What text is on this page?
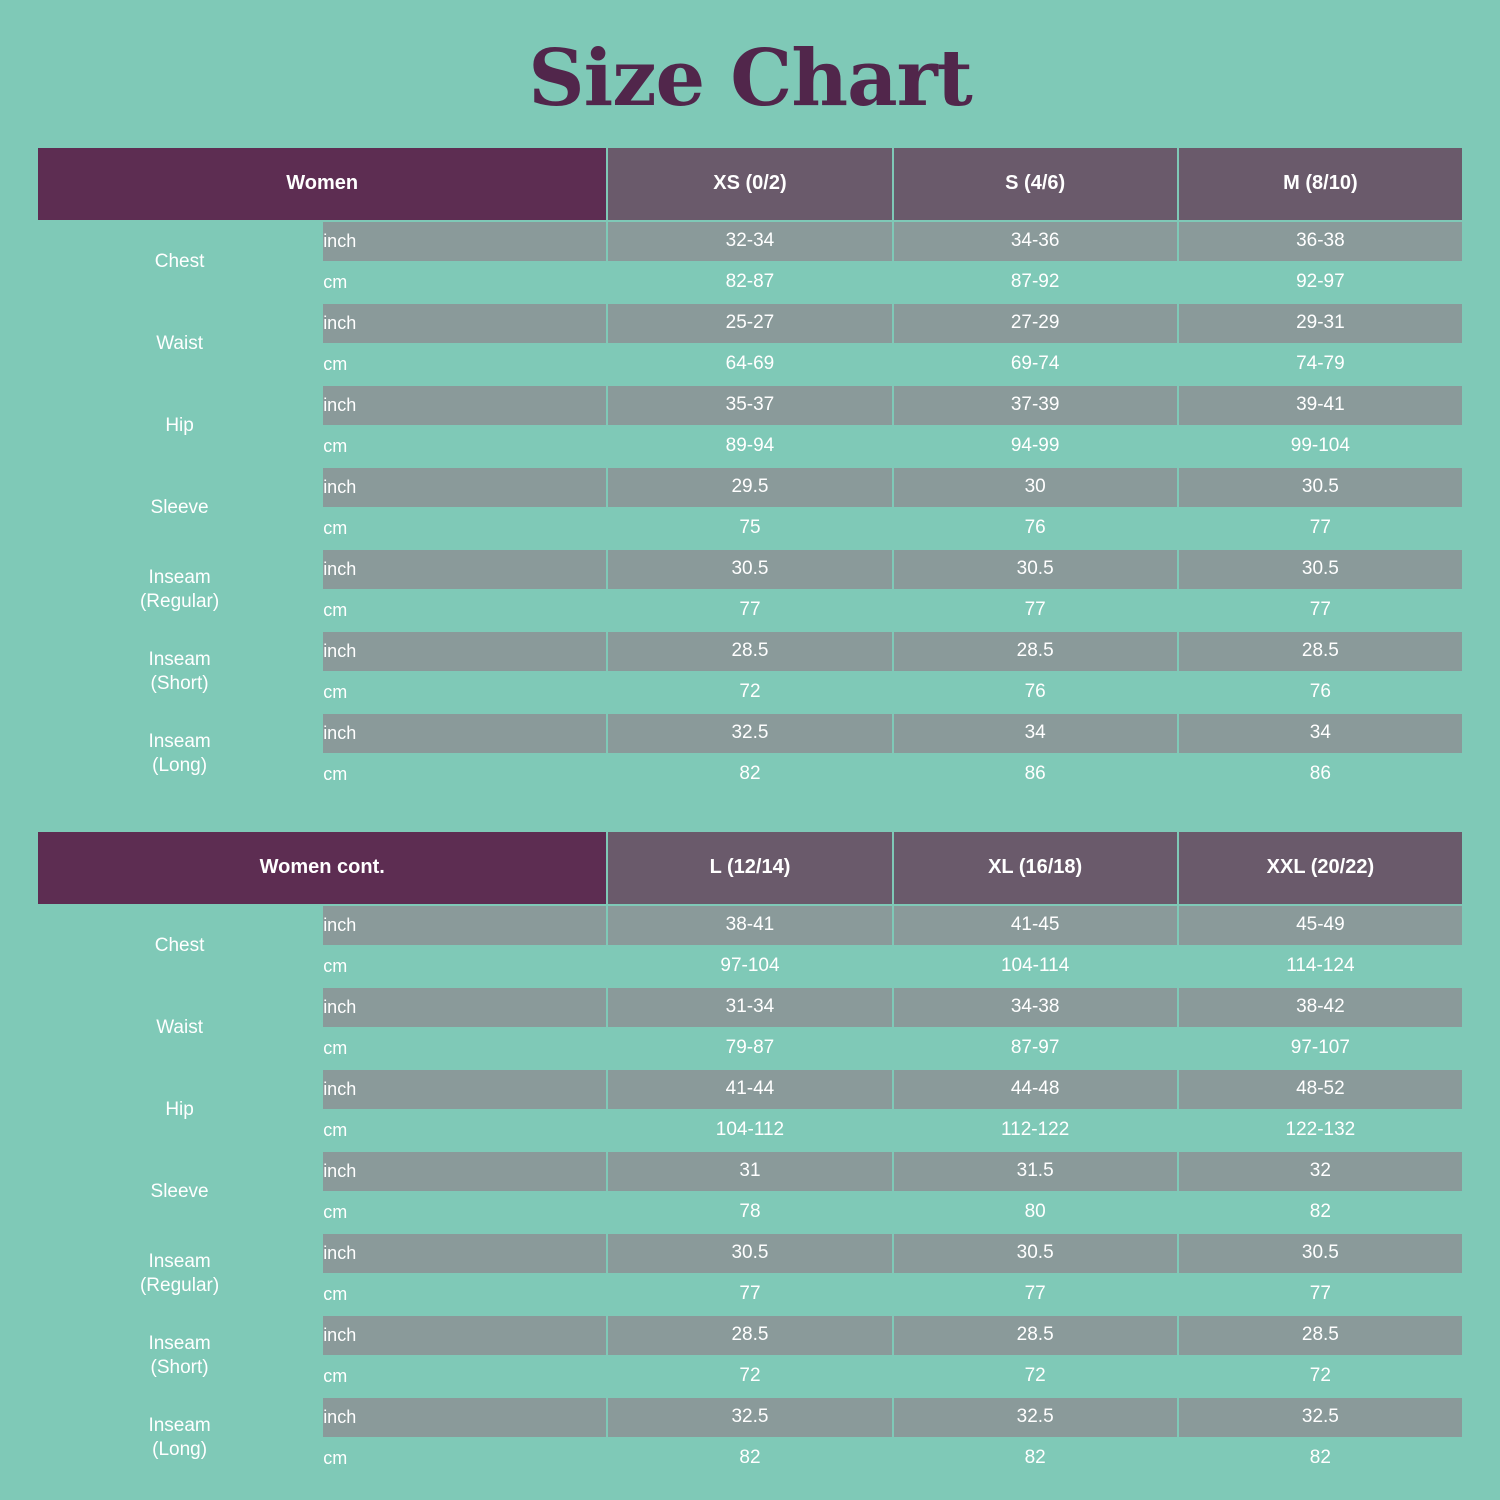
Size Chart
Women		XS (0/2)	S (4/6)	M (8/10)
Chest	inch	32-34	34-36	36-38
	cm	82-87	87-92	92-97
Waist	inch	25-27	27-29	29-31
	cm	64-69	69-74	74-79
Hip	inch	35-37	37-39	39-41
	cm	89-94	94-99	99-104
Sleeve	inch	29.5	30	30.5
	cm	75	76	77
Inseam
(Regular)	inch	30.5	30.5	30.5
	cm	77	77	77
Inseam
(Short)	inch	28.5	28.5	28.5
	cm	72	76	76
Inseam
(Long)	inch	32.5	34	34
	cm	82	86	86
Women cont.		L (12/14)	XL (16/18)	XXL (20/22)
Chest	inch	38-41	41-45	45-49
	cm	97-104	104-114	114-124
Waist	inch	31-34	34-38	38-42
	cm	79-87	87-97	97-107
Hip	inch	41-44	44-48	48-52
	cm	104-112	112-122	122-132
Sleeve	inch	31	31.5	32
	cm	78	80	82
Inseam
(Regular)	inch	30.5	30.5	30.5
	cm	77	77	77
Inseam
(Short)	inch	28.5	28.5	28.5
	cm	72	72	72
Inseam
(Long)	inch	32.5	32.5	32.5
	cm	82	82	82
